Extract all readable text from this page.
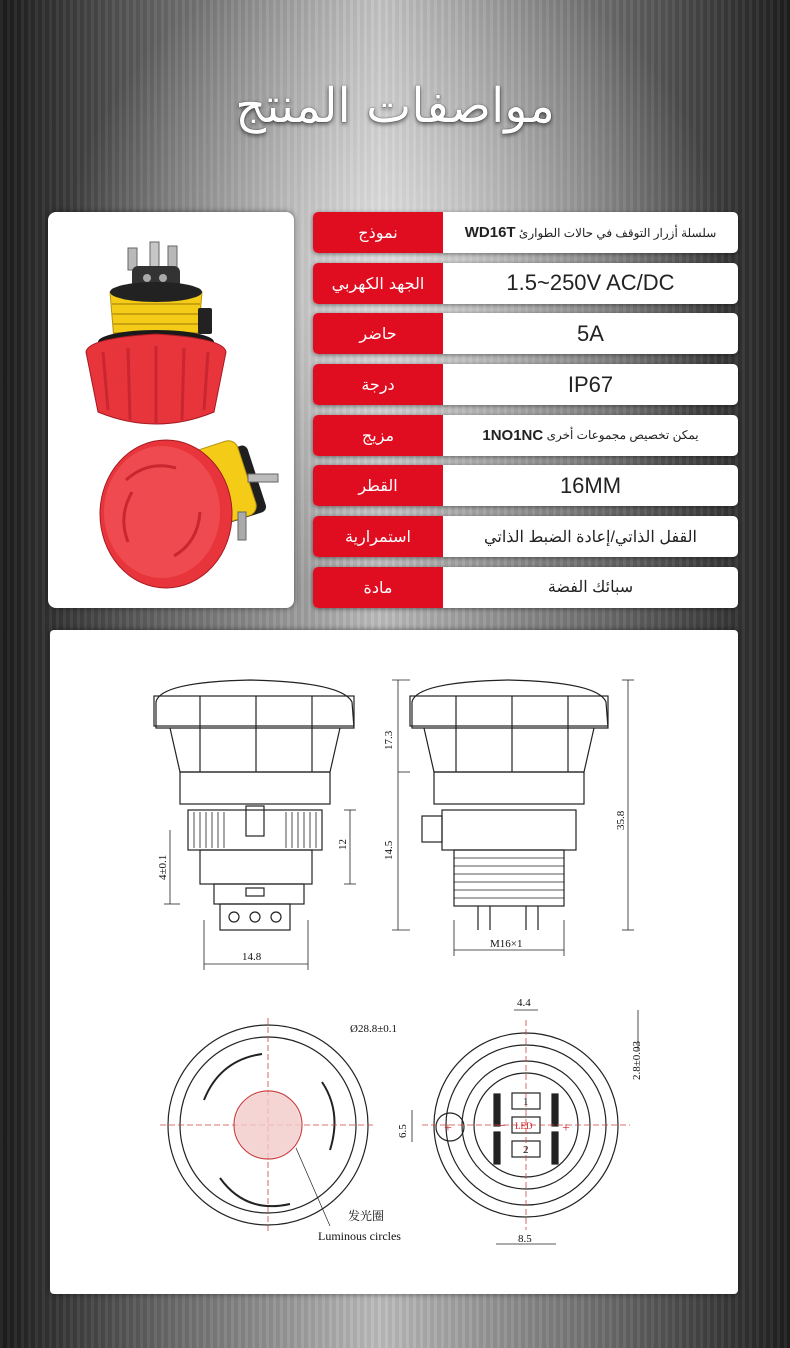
مواصفات المنتج
نموذج	WD16T
سلسلة أزرار التوقف في حالات الطوارئ
الجهد الكهربي	1.5~250V AC/DC
حاضر	5A
درجة	IP67
مزيج	1NO1NC
يمكن تخصيص مجموعات أخرى
القطر	16MM
استمرارية	القفل الذاتي/إعادة الضبط الذاتي
مادة	سبائك الفضة
17.3
14.5
35.8
12
4±0.1
14.8
M16×1
4.4
Ø28.8±0.1
2.8±0.03
6.5
8.5
1
2
LED
+	+
−
发光圈
Luminous circles
